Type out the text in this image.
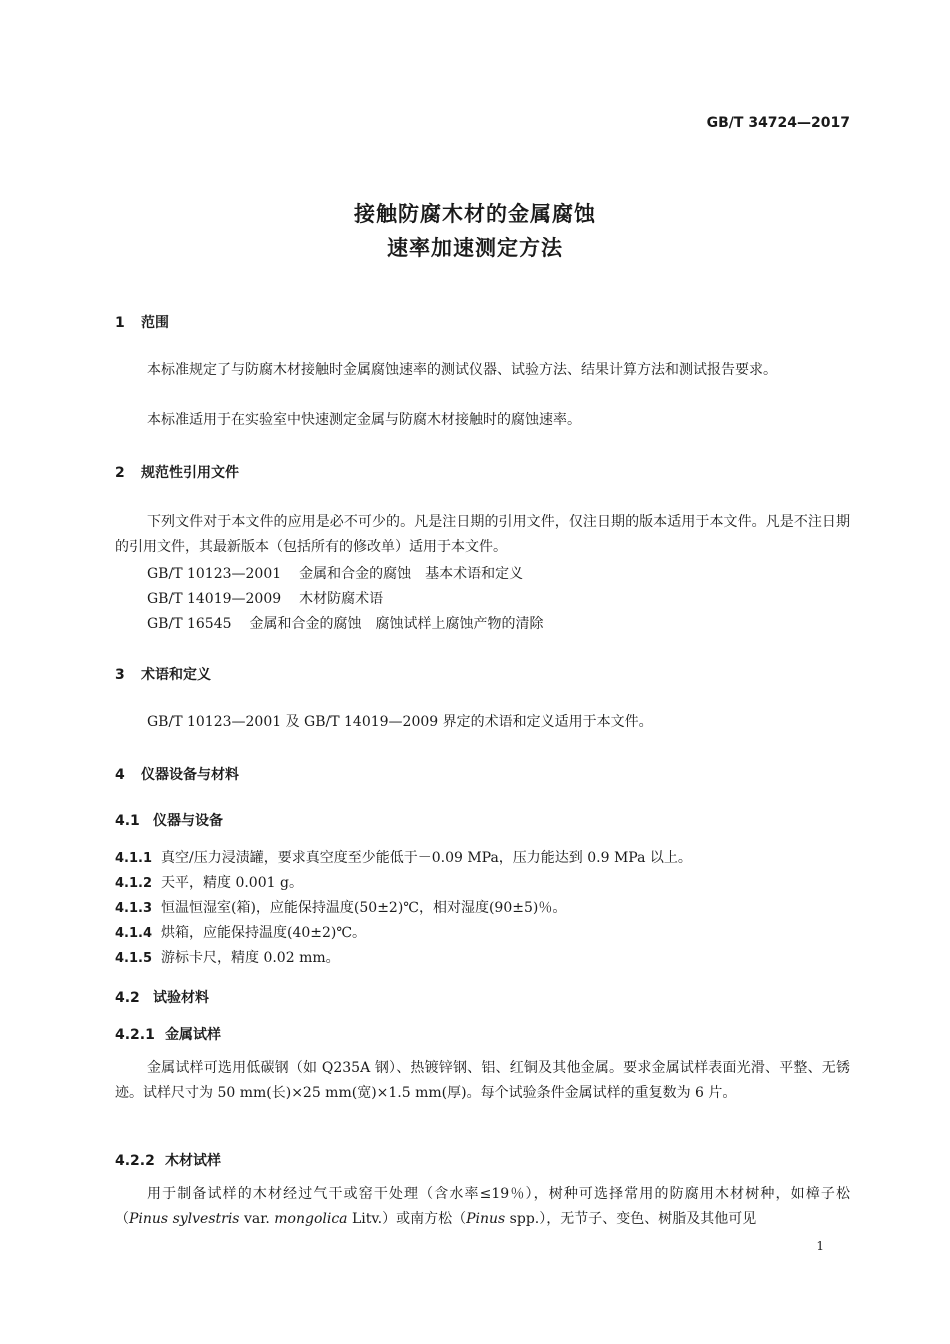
GB/T 34724—2017
接触防腐木材的金属腐蚀
速率加速测定方法
1 范围
本标准规定了与防腐木材接触时金属腐蚀速率的测试仪器、试验方法、结果计算方法和测试报告要求。
本标准适用于在实验室中快速测定金属与防腐木材接触时的腐蚀速率。
2 规范性引用文件
下列文件对于本文件的应用是必不可少的。凡是注日期的引用文件，仅注日期的版本适用于本文件。凡是不注日期的引用文件，其最新版本（包括所有的修改单）适用于本文件。
GB/T 10123—2001 金属和合金的腐蚀　基本术语和定义
GB/T 14019—2009 木材防腐术语
GB/T 16545 金属和合金的腐蚀　腐蚀试样上腐蚀产物的清除
3 术语和定义
GB/T 10123—2001 及 GB/T 14019—2009 界定的术语和定义适用于本文件。
4 仪器设备与材料
4.1 仪器与设备
4.1.1 真空/压力浸渍罐，要求真空度至少能低于－0.09 MPa，压力能达到 0.9 MPa 以上。
4.1.2 天平，精度 0.001 g。
4.1.3 恒温恒湿室(箱)，应能保持温度(50±2)℃，相对湿度(90±5)％。
4.1.4 烘箱，应能保持温度(40±2)℃。
4.1.5 游标卡尺，精度 0.02 mm。
4.2 试验材料
4.2.1 金属试样
金属试样可选用低碳钢（如 Q235A 钢）、热镀锌钢、铝、红铜及其他金属。要求金属试样表面光滑、平整、无锈迹。试样尺寸为 50 mm(长)×25 mm(宽)×1.5 mm(厚)。每个试验条件金属试样的重复数为 6 片。
4.2.2 木材试样
用于制备试样的木材经过气干或窑干处理（含水率≤19％），树种可选择常用的防腐用木材树种，如樟子松（Pinus sylvestris var. mongolica Litv.）或南方松（Pinus spp.），无节子、变色、树脂及其他可见
1
